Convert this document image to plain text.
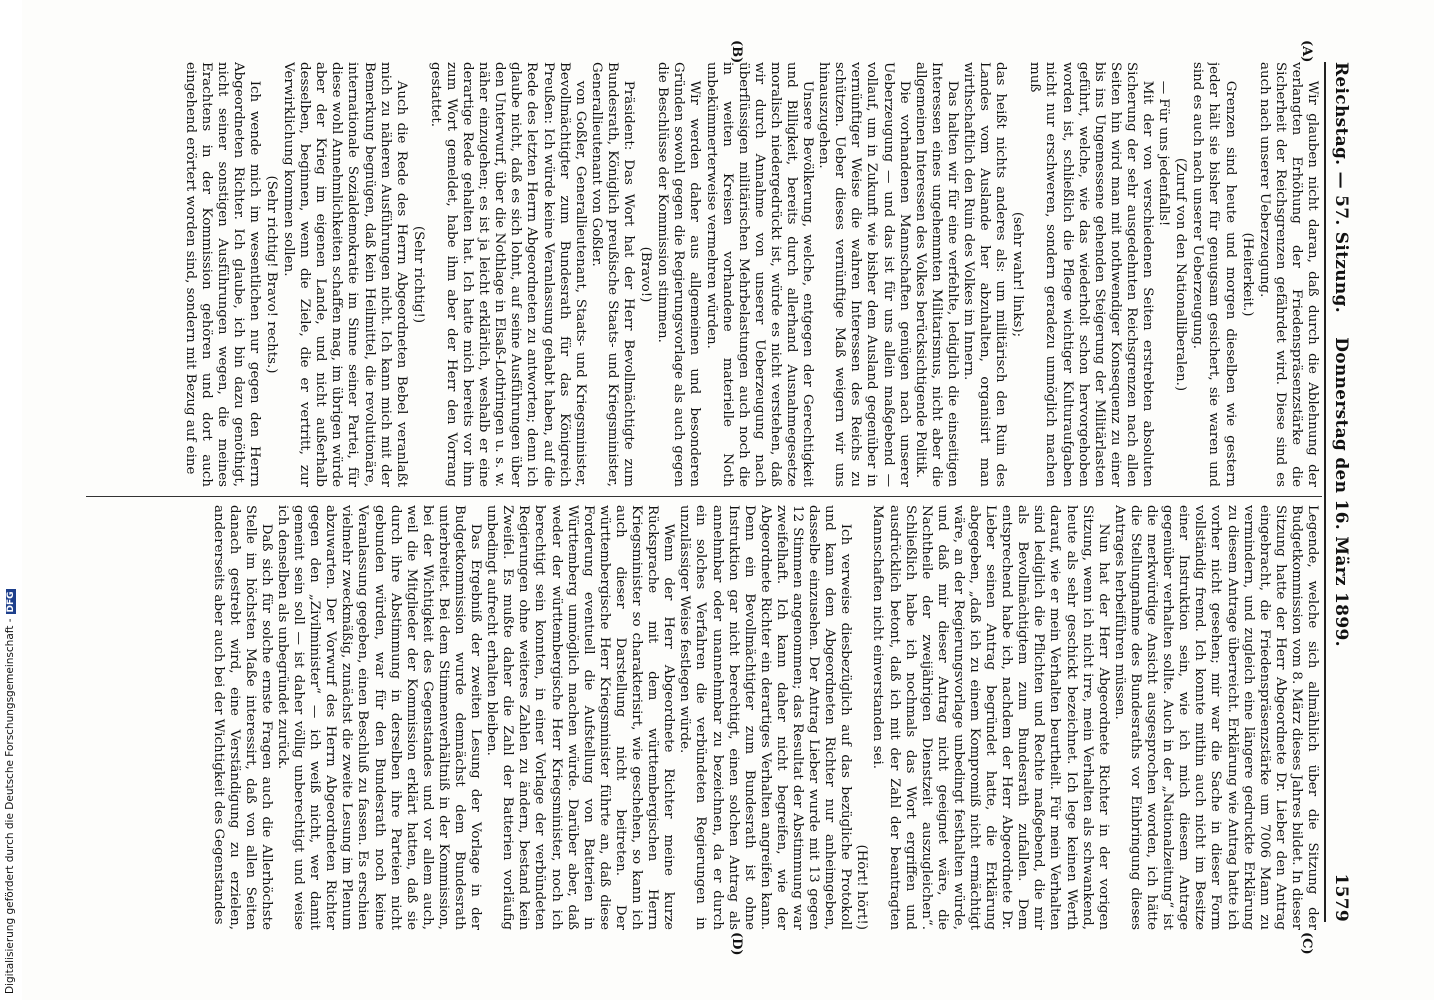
Reichstag. — 57. Sitzung.
Donnerstag den 16. März 1899.
1579
(A)
(B)
(C)
(D)

Wir glauben nicht daran, daß durch die Ablehnung der verlangten Erhöhung der Friedenspräsenzstärke die Sicherheit der Reichsgrenzen gefährdet wird. Diese sind es auch nach unserer Ueberzeugung.

(Heiterkeit.)

Grenzen sind heute und morgen dieselben wie gestern jeder hält sie bisher für genugsam gesichert, sie waren und sind es auch nach unserer Ueberzeugung.

(Zuruf von den Nationalliberalen.)

— Für uns jedenfalls!

Mit der von verschiedenen Seiten erstrebten absoluten Sicherung der sehr ausgedehnten Reichsgrenzen nach allen Seiten hin wird man mit nothwendiger Konsequenz zu einer bis ins Ungemessene gehenden Steigerung der Militärlasten geführt, welche, wie das wiederholt schon hervorgehoben worden ist, schließlich die Pflege wichtiger Kulturaufgaben nicht nur erschweren, sondern geradezu unmöglich machen muß

(sehr wahr! links);

das heißt nichts anderes als: um militärisch den Ruin des Landes vom Auslande her abzuhalten, organisirt man wirthschaftlich den Ruin des Volkes im Innern.

Das halten wir für eine verfehlte, lediglich die einseitigen Interessen eines ungehemmten Militarismus, nicht aber die allgemeinen Interessen des Volkes berücksichtigende Politik.

Die vorhandenen Mannschaften genügen nach unserer Ueberzeugung — und das ist für uns allein maßgebend — vollauf, um in Zukunft wie bisher dem Ausland gegenüber in vernünftiger Weise die wahren Interessen des Reichs zu schützen. Ueber dieses vernünftige Maß weigern wir uns hinauszugehen.

Unsere Bevölkerung, welche, entgegen der Gerechtigkeit und Billigkeit, bereits durch allerhand Ausnahmegesetze moralisch niedergedrückt ist, würde es nicht verstehen, daß wir durch Annahme von unserer Ueberzeugung nach überflüssigen militärischen Mehrbelastungen auch noch die in weiten Kreisen vorhandene materielle Noth unbekümmerterweise vermehren würden.

Wir werden daher aus allgemeinen und besonderen Gründen sowohl gegen die Regierungsvorlage als auch gegen die Beschlüsse der Kommission stimmen.

(Bravo!)

Präsident: Das Wort hat der Herr Bevollmächtigte zum Bundesrath, Königlich preußische Staats- und Kriegsminister, Generallieutenant von Goßler.

von Goßler, Generallieutenant, Staats- und Kriegsminister, Bevollmächtigter zum Bundesrath für das Königreich Preußen: Ich würde keine Veranlassung gehabt haben, auf die Rede des letzten Herrn Abgeordneten zu antworten; denn ich glaube nicht, daß es sich lohnt, auf seine Ausführungen über den Unterwurf, über die Nothlage in Elsaß-Lothringen u. s. w. näher einzugehen; es ist ja leicht erklärlich, weshalb er eine derartige Rede gehalten hat. Ich hatte mich bereits vor ihm zum Wort gemeldet, habe ihm aber der Herr den Vorrang gestattet.

(Sehr richtig!)

Auch die Rede des Herrn Abgeordneten Bebel veranlaßt mich zu näheren Ausführungen nicht. Ich kann mich mit der Bemerkung begnügen, daß kein Heilmittel, die revolutionäre, internationale Sozialdemokratie im Sinne seiner Partei, für diese wohl Annehmlichkeiten schaffen mag, im übrigen würde aber der Krieg im eigenen Lande, und nicht außerhalb desselben, beginnen, wenn die Ziele, die er vertritt, zur Verwirklichung kommen sollen.

(Sehr richtig! Bravo! rechts.)

Ich wende mich im wesentlichen nur gegen den Herrn Abgeordneten Richter. Ich glaube, ich bin dazu genöthigt, nicht seiner sonstigen Ausführungen wegen, die meines Erachtens in der Kommission gehören und dort auch eingehend erörtert worden sind, sondern mit Bezug auf eine

Legende, welche sich allmählich über die Sitzung der Budgetkommission vom 8. März dieses Jahres bildet. In dieser Sitzung hatte der Herr Abgeordnete Dr. Lieber den Antrag eingebracht, die Friedenspräsenzstärke um 7006 Mann zu vermindern, und zugleich eine längere gedruckte Erklärung zu diesem Antrage überreicht. Erklärung wie Antrag hatte ich vorher nicht gesehen; mir war die Sache in dieser Form vollständig fremd. Ich konnte mithin auch nicht im Besitze einer Instruktion sein, wie ich mich diesem Antrage gegenüber verhalten sollte. Auch in der „Nationalzeitung“ ist die merkwürdige Ansicht ausgesprochen worden, ich hätte die Stellungnahme des Bundesraths vor Einbringung dieses Antrages herbeiführen müssen.

Nun hat der Herr Abgeordnete Richter in der vorigen Sitzung, wenn ich nicht irre, mein Verhalten als schwankend, heute als sehr geschickt bezeichnet. Ich lege keinen Werth darauf, wie er mein Verhalten beurtheilt. Für mein Verhalten sind lediglich die Pflichten und Rechte maßgebend, die mir als Bevollmächtigtem zum Bundesrath zufallen. Dem entsprechend habe ich, nachdem der Herr Abgeordnete Dr. Lieber seinen Antrag begründet hatte, die Erklärung abgegeben, „daß ich zu einem Kompromiß nicht ermächtigt wäre, an der Regierungsvorlage unbedingt festhalten würde, und daß mir dieser Antrag nicht geeignet wäre, die Nachtheile der zweijährigen Dienstzeit auszugleichen“. Schließlich habe ich nochmals das Wort ergriffen und ausdrücklich betont, daß ich mit der Zahl der beantragten Mannschaften nicht einverstanden sei.

(Hört! hört!)

Ich verweise diesbezüglich auf das bezügliche Protokoll und kann dem Abgeordneten Richter nur anheimgeben, dasselbe einzusehen. Der Antrag Lieber wurde mit 13 gegen 12 Stimmen angenommen; das Resultat der Abstimmung war zweifelhaft. Ich kann daher nicht begreifen, wie der Abgeordnete Richter ein derartiges Verhalten angreifen kann. Denn ein Bevollmächtigter zum Bundesrath ist ohne Instruktion gar nicht berechtigt, einen solchen Antrag als annehmbar oder unannehmbar zu bezeichnen, da er durch ein solches Verfahren die verbündeten Regierungen in unzulässiger Weise festlegen würde.

Wenn der Herr Abgeordnete Richter meine kurze Rücksprache mit dem württembergischen Herrn Kriegsminister so charakterisirt, wie geschehen, so kann ich auch dieser Darstellung nicht beitreten. Der württembergische Herr Kriegsminister führte an, daß diese Forderung eventuell die Aufstellung von Batterien in Württemberg unmöglich machen würde. Darüber aber, daß weder der württembergische Herr Kriegsminister, noch ich berechtigt sein konnten, in einer Vorlage der verbündeten Regierungen ohne weiteres Zahlen zu ändern, bestand kein Zweifel. Es mußte daher die Zahl der Batterien vorläufig unbedingt aufrecht erhalten bleiben.

Das Ergebniß der zweiten Lesung der Vorlage in der Budgetkommission wurde demnächst dem Bundesrath unterbreitet. Bei dem Stimmenverhältniß in der Kommission, bei der Wichtigkeit des Gegenstandes und vor allem auch, weil die Mitglieder der Kommission erklärt hatten, daß sie durch ihre Abstimmung in derselben ihre Parteien nicht gebunden würden, war für den Bundesrath noch keine Veranlassung gegeben, einen Beschluß zu fassen. Es erschien vielmehr zweckmäßig, zunächst die zweite Lesung im Plenum abzuwarten. Der Vorwurf des Herrn Abgeordneten Richter gegen den „Zivilminister“ — ich weiß nicht, wer damit gemeint sein soll — ist daher völlig unberechtigt und weise ich denselben als unbegründet zurück.

Daß sich für solche ernste Fragen auch die Allerhöchste Stelle im höchsten Maße interessirt, daß von allen Seiten danach gestrebt wird, eine Verständigung zu erzielen, andererseits aber auch bei der Wichtigkeit des Gegenstandes

Digitalisierung gefördert durch die Deutsche Forschungsgemeinschaft -DFG
